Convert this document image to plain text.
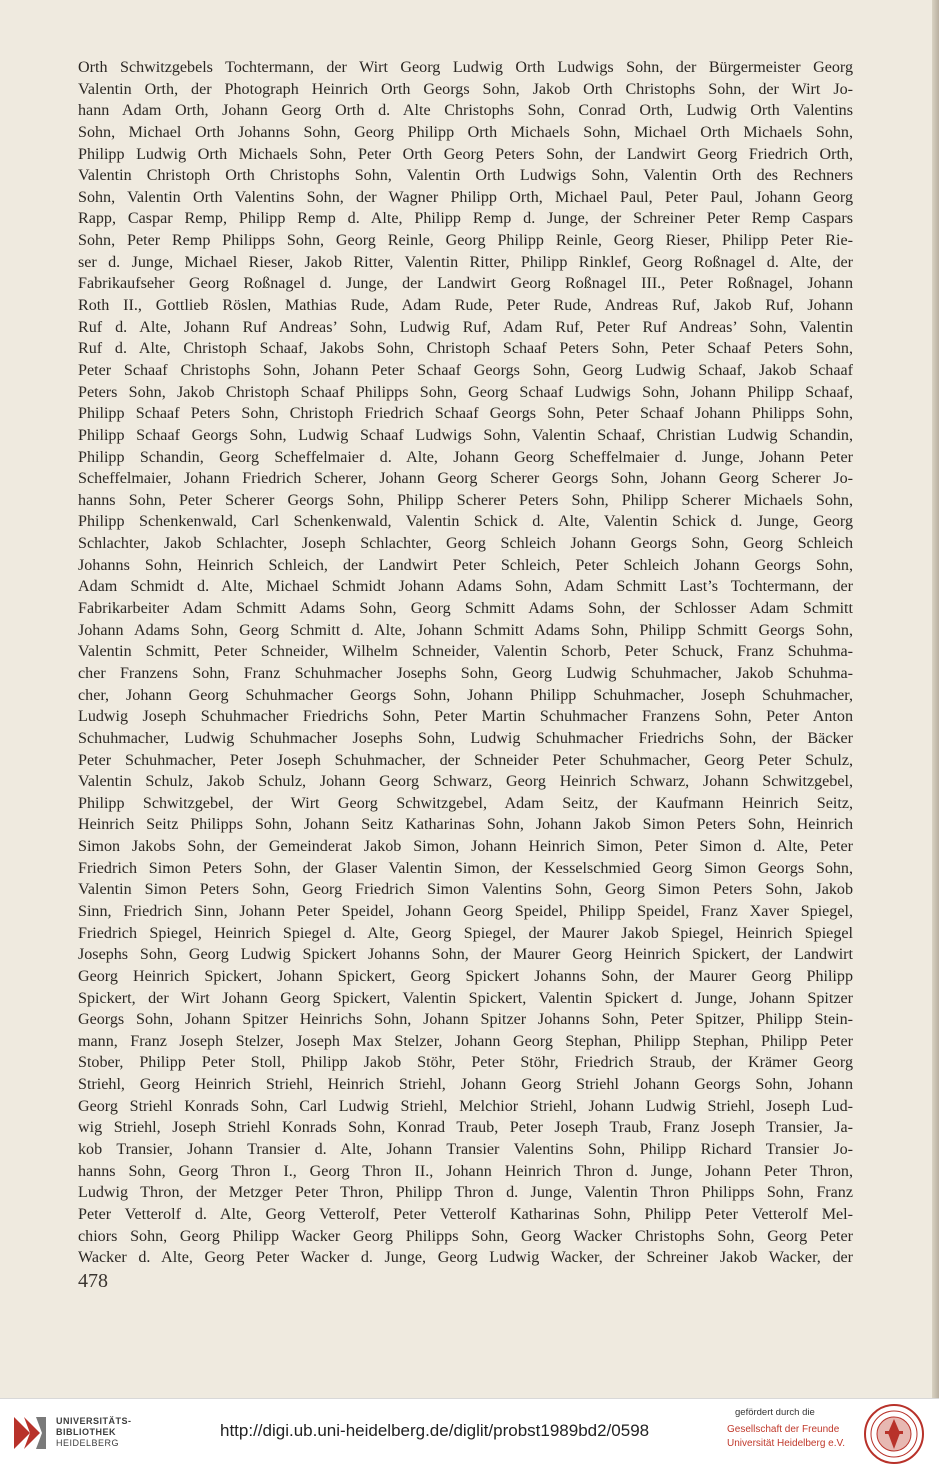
Orth Schwitzgebels Tochtermann, der Wirt Georg Ludwig Orth Ludwigs Sohn, der Bürgermeister Georg
Valentin Orth, der Photograph Heinrich Orth Georgs Sohn, Jakob Orth Christophs Sohn, der Wirt Jo-
hann Adam Orth, Johann Georg Orth d. Alte Christophs Sohn, Conrad Orth, Ludwig Orth Valentins
Sohn, Michael Orth Johanns Sohn, Georg Philipp Orth Michaels Sohn, Michael Orth Michaels Sohn,
Philipp Ludwig Orth Michaels Sohn, Peter Orth Georg Peters Sohn, der Landwirt Georg Friedrich Orth,
Valentin Christoph Orth Christophs Sohn, Valentin Orth Ludwigs Sohn, Valentin Orth des Rechners
Sohn, Valentin Orth Valentins Sohn, der Wagner Philipp Orth, Michael Paul, Peter Paul, Johann Georg
Rapp, Caspar Remp, Philipp Remp d. Alte, Philipp Remp d. Junge, der Schreiner Peter Remp Caspars
Sohn, Peter Remp Philipps Sohn, Georg Reinle, Georg Philipp Reinle, Georg Rieser, Philipp Peter Rie-
ser d. Junge, Michael Rieser, Jakob Ritter, Valentin Ritter, Philipp Rinklef, Georg Roßnagel d. Alte, der
Fabrikaufseher Georg Roßnagel d. Junge, der Landwirt Georg Roßnagel III., Peter Roßnagel, Johann
Roth II., Gottlieb Röslen, Mathias Rude, Adam Rude, Peter Rude, Andreas Ruf, Jakob Ruf, Johann
Ruf d. Alte, Johann Ruf Andreas’ Sohn, Ludwig Ruf, Adam Ruf, Peter Ruf Andreas’ Sohn, Valentin
Ruf d. Alte, Christoph Schaaf, Jakobs Sohn, Christoph Schaaf Peters Sohn, Peter Schaaf Peters Sohn,
Peter Schaaf Christophs Sohn, Johann Peter Schaaf Georgs Sohn, Georg Ludwig Schaaf, Jakob Schaaf
Peters Sohn, Jakob Christoph Schaaf Philipps Sohn, Georg Schaaf Ludwigs Sohn, Johann Philipp Schaaf,
Philipp Schaaf Peters Sohn, Christoph Friedrich Schaaf Georgs Sohn, Peter Schaaf Johann Philipps Sohn,
Philipp Schaaf Georgs Sohn, Ludwig Schaaf Ludwigs Sohn, Valentin Schaaf, Christian Ludwig Schandin,
Philipp Schandin, Georg Scheffelmaier d. Alte, Johann Georg Scheffelmaier d. Junge, Johann Peter
Scheffelmaier, Johann Friedrich Scherer, Johann Georg Scherer Georgs Sohn, Johann Georg Scherer Jo-
hanns Sohn, Peter Scherer Georgs Sohn, Philipp Scherer Peters Sohn, Philipp Scherer Michaels Sohn,
Philipp Schenkenwald, Carl Schenkenwald, Valentin Schick d. Alte, Valentin Schick d. Junge, Georg
Schlachter, Jakob Schlachter, Joseph Schlachter, Georg Schleich Johann Georgs Sohn, Georg Schleich
Johanns Sohn, Heinrich Schleich, der Landwirt Peter Schleich, Peter Schleich Johann Georgs Sohn,
Adam Schmidt d. Alte, Michael Schmidt Johann Adams Sohn, Adam Schmitt Last’s Tochtermann, der
Fabrikarbeiter Adam Schmitt Adams Sohn, Georg Schmitt Adams Sohn, der Schlosser Adam Schmitt
Johann Adams Sohn, Georg Schmitt d. Alte, Johann Schmitt Adams Sohn, Philipp Schmitt Georgs Sohn,
Valentin Schmitt, Peter Schneider, Wilhelm Schneider, Valentin Schorb, Peter Schuck, Franz Schuhma-
cher Franzens Sohn, Franz Schuhmacher Josephs Sohn, Georg Ludwig Schuhmacher, Jakob Schuhma-
cher, Johann Georg Schuhmacher Georgs Sohn, Johann Philipp Schuhmacher, Joseph Schuhmacher,
Ludwig Joseph Schuhmacher Friedrichs Sohn, Peter Martin Schuhmacher Franzens Sohn, Peter Anton
Schuhmacher, Ludwig Schuhmacher Josephs Sohn, Ludwig Schuhmacher Friedrichs Sohn, der Bäcker
Peter Schuhmacher, Peter Joseph Schuhmacher, der Schneider Peter Schuhmacher, Georg Peter Schulz,
Valentin Schulz, Jakob Schulz, Johann Georg Schwarz, Georg Heinrich Schwarz, Johann Schwitzgebel,
Philipp Schwitzgebel, der Wirt Georg Schwitzgebel, Adam Seitz, der Kaufmann Heinrich Seitz,
Heinrich Seitz Philipps Sohn, Johann Seitz Katharinas Sohn, Johann Jakob Simon Peters Sohn, Heinrich
Simon Jakobs Sohn, der Gemeinderat Jakob Simon, Johann Heinrich Simon, Peter Simon d. Alte, Peter
Friedrich Simon Peters Sohn, der Glaser Valentin Simon, der Kesselschmied Georg Simon Georgs Sohn,
Valentin Simon Peters Sohn, Georg Friedrich Simon Valentins Sohn, Georg Simon Peters Sohn, Jakob
Sinn, Friedrich Sinn, Johann Peter Speidel, Johann Georg Speidel, Philipp Speidel, Franz Xaver Spiegel,
Friedrich Spiegel, Heinrich Spiegel d. Alte, Georg Spiegel, der Maurer Jakob Spiegel, Heinrich Spiegel
Josephs Sohn, Georg Ludwig Spickert Johanns Sohn, der Maurer Georg Heinrich Spickert, der Landwirt
Georg Heinrich Spickert, Johann Spickert, Georg Spickert Johanns Sohn, der Maurer Georg Philipp
Spickert, der Wirt Johann Georg Spickert, Valentin Spickert, Valentin Spickert d. Junge, Johann Spitzer
Georgs Sohn, Johann Spitzer Heinrichs Sohn, Johann Spitzer Johanns Sohn, Peter Spitzer, Philipp Stein-
mann, Franz Joseph Stelzer, Joseph Max Stelzer, Johann Georg Stephan, Philipp Stephan, Philipp Peter
Stober, Philipp Peter Stoll, Philipp Jakob Stöhr, Peter Stöhr, Friedrich Straub, der Krämer Georg
Striehl, Georg Heinrich Striehl, Heinrich Striehl, Johann Georg Striehl Johann Georgs Sohn, Johann
Georg Striehl Konrads Sohn, Carl Ludwig Striehl, Melchior Striehl, Johann Ludwig Striehl, Joseph Lud-
wig Striehl, Joseph Striehl Konrads Sohn, Konrad Traub, Peter Joseph Traub, Franz Joseph Transier, Ja-
kob Transier, Johann Transier d. Alte, Johann Transier Valentins Sohn, Philipp Richard Transier Jo-
hanns Sohn, Georg Thron I., Georg Thron II., Johann Heinrich Thron d. Junge, Johann Peter Thron,
Ludwig Thron, der Metzger Peter Thron, Philipp Thron d. Junge, Valentin Thron Philipps Sohn, Franz
Peter Vetterolf d. Alte, Georg Vetterolf, Peter Vetterolf Katharinas Sohn, Philipp Peter Vetterolf Mel-
chiors Sohn, Georg Philipp Wacker Georg Philipps Sohn, Georg Wacker Christophs Sohn, Georg Peter
Wacker d. Alte, Georg Peter Wacker d. Junge, Georg Ludwig Wacker, der Schreiner Jakob Wacker, der
478
UNIVERSITÄTS-
BIBLIOTHEK
HEIDELBERG
http://digi.ub.uni-heidelberg.de/diglit/probst1989bd2/0598
gefördert durch die
Gesellschaft der Freunde
Universität Heidelberg e.V.
